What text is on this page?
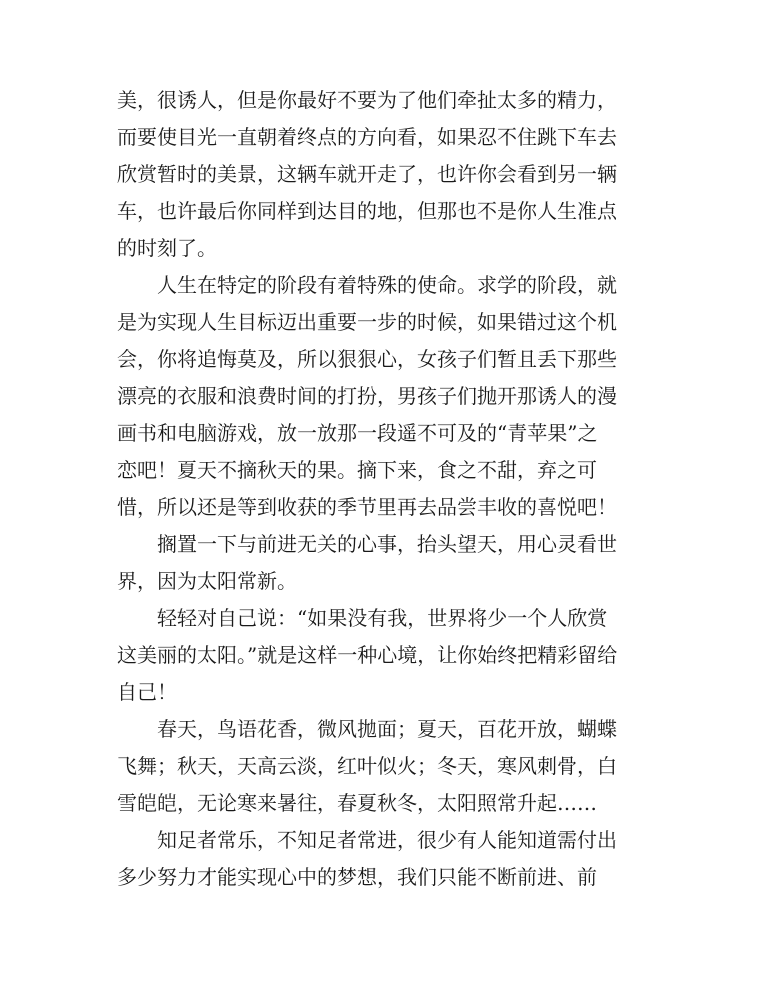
美，很诱人，但是你最好不要为了他们牵扯太多的精力，
而要使目光一直朝着终点的方向看，如果忍不住跳下车去
欣赏暂时的美景，这辆车就开走了，也许你会看到另一辆
车，也许最后你同样到达目的地，但那也不是你人生准点
的时刻了。

人生在特定的阶段有着特殊的使命。求学的阶段，就
是为实现人生目标迈出重要一步的时候，如果错过这个机
会，你将追悔莫及，所以狠狠心，女孩子们暂且丢下那些
漂亮的衣服和浪费时间的打扮，男孩子们抛开那诱人的漫
画书和电脑游戏，放一放那一段遥不可及的“青苹果”之
恋吧！夏天不摘秋天的果。摘下来，食之不甜，弃之可
惜，所以还是等到收获的季节里再去品尝丰收的喜悦吧！

搁置一下与前进无关的心事，抬头望天，用心灵看世
界，因为太阳常新。

轻轻对自己说：“如果没有我，世界将少一个人欣赏
这美丽的太阳。”就是这样一种心境，让你始终把精彩留给
自己！

春天，鸟语花香，微风拋面；夏天，百花开放，蝴蝶
飞舞；秋天，天高云淡，红叶似火；冬天，寒风刺骨，白
雪皑皑，无论寒来暑往，春夏秋冬，太阳照常升起……

知足者常乐，不知足者常进，很少有人能知道需付出
多少努力才能实现心中的梦想，我们只能不断前进、前
